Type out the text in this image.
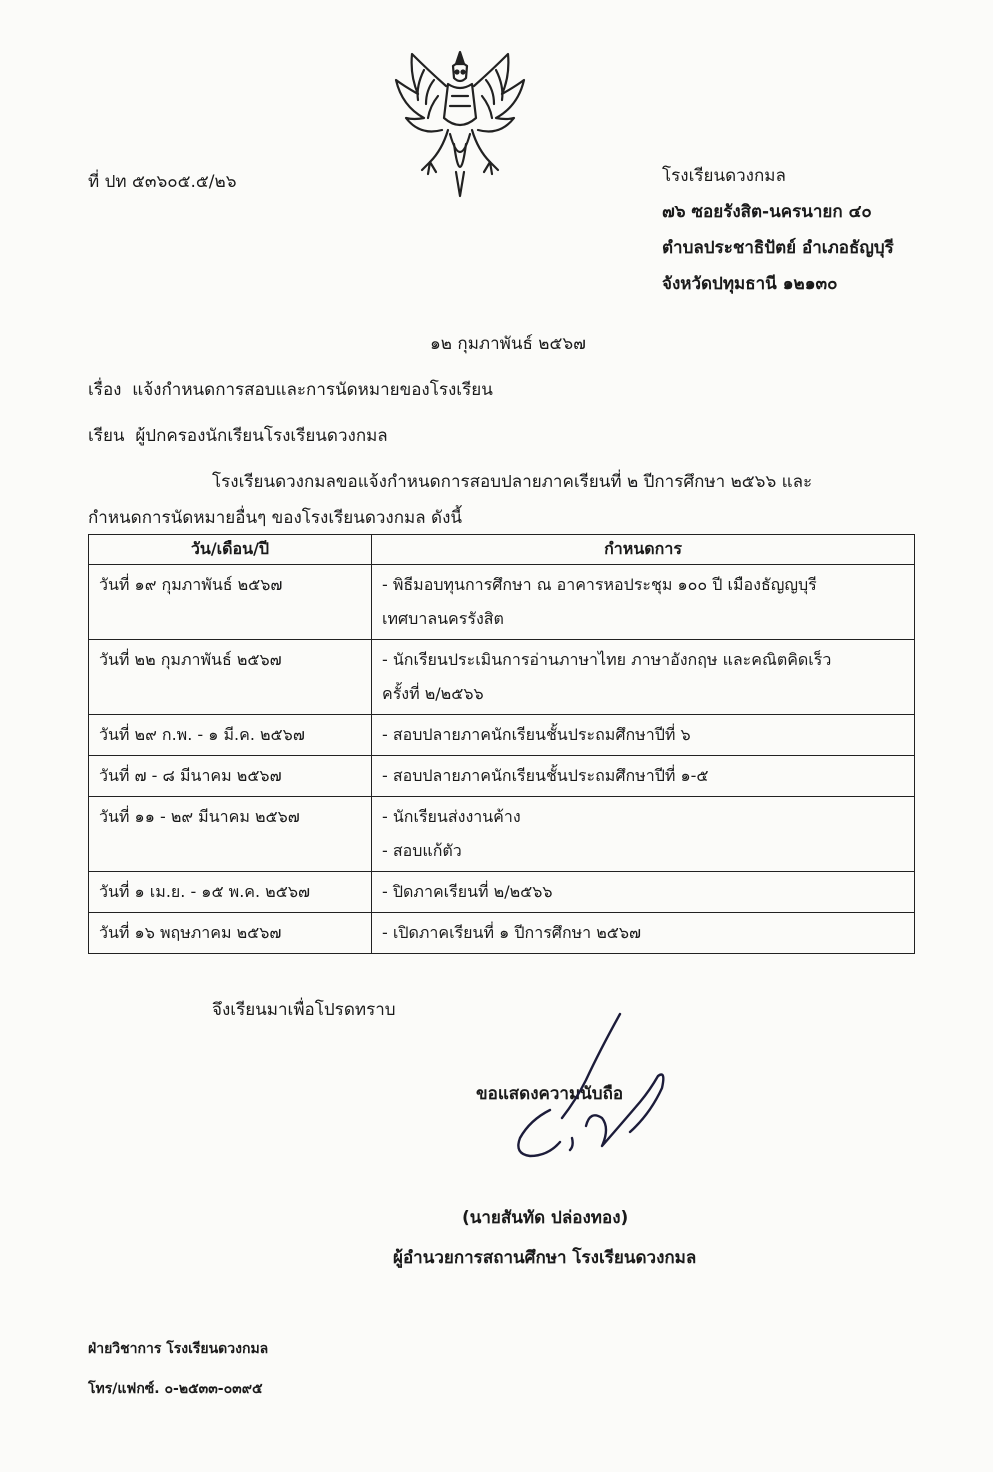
ที่ ปท ๕๓๖๐๕.๕/๒๖	โรงเรียนดวงกมล
๗๖ ซอยรังสิต-นครนายก ๔๐
ตำบลประชาธิปัตย์ อำเภอธัญบุรี
จังหวัดปทุมธานี ๑๒๑๓๐
๑๒ กุมภาพันธ์ ๒๕๖๗
เรื่อง แจ้งกำหนดการสอบและการนัดหมายของโรงเรียน
เรียน ผู้ปกครองนักเรียนโรงเรียนดวงกมล
โรงเรียนดวงกมลขอแจ้งกำหนดการสอบปลายภาคเรียนที่ ๒ ปีการศึกษา ๒๕๖๖ และ
กำหนดการนัดหมายอื่นๆ ของโรงเรียนดวงกมล ดังนี้
วัน/เดือน/ปี	กำหนดการ

วันที่ ๑๙ กุมภาพันธ์ ๒๕๖๗	- พิธีมอบทุนการศึกษา ณ อาคารหอประชุม ๑๐๐ ปี เมืองธัญญบุรี
เทศบาลนครรังสิต

วันที่ ๒๒ กุมภาพันธ์ ๒๕๖๗	- นักเรียนประเมินการอ่านภาษาไทย ภาษาอังกฤษ และคณิตคิดเร็ว
ครั้งที่ ๒/๒๕๖๖

วันที่ ๒๙ ก.พ. - ๑ มี.ค. ๒๕๖๗	- สอบปลายภาคนักเรียนชั้นประถมศึกษาปีที่ ๖

วันที่ ๗ - ๘ มีนาคม ๒๕๖๗	- สอบปลายภาคนักเรียนชั้นประถมศึกษาปีที่ ๑-๕

วันที่ ๑๑ - ๒๙ มีนาคม ๒๕๖๗	- นักเรียนส่งงานค้าง
- สอบแก้ตัว

วันที่ ๑ เม.ย. - ๑๕ พ.ค. ๒๕๖๗	- ปิดภาคเรียนที่ ๒/๒๕๖๖

วันที่ ๑๖ พฤษภาคม ๒๕๖๗	- เปิดภาคเรียนที่ ๑ ปีการศึกษา ๒๕๖๗
จึงเรียนมาเพื่อโปรดทราบ
ขอแสดงความนับถือ
(นายสันทัด ปล่องทอง)
ผู้อำนวยการสถานศึกษา โรงเรียนดวงกมล
ฝ่ายวิชาการ โรงเรียนดวงกมล
โทร/แฟกซ์. ๐-๒๕๓๓-๐๓๙๕
